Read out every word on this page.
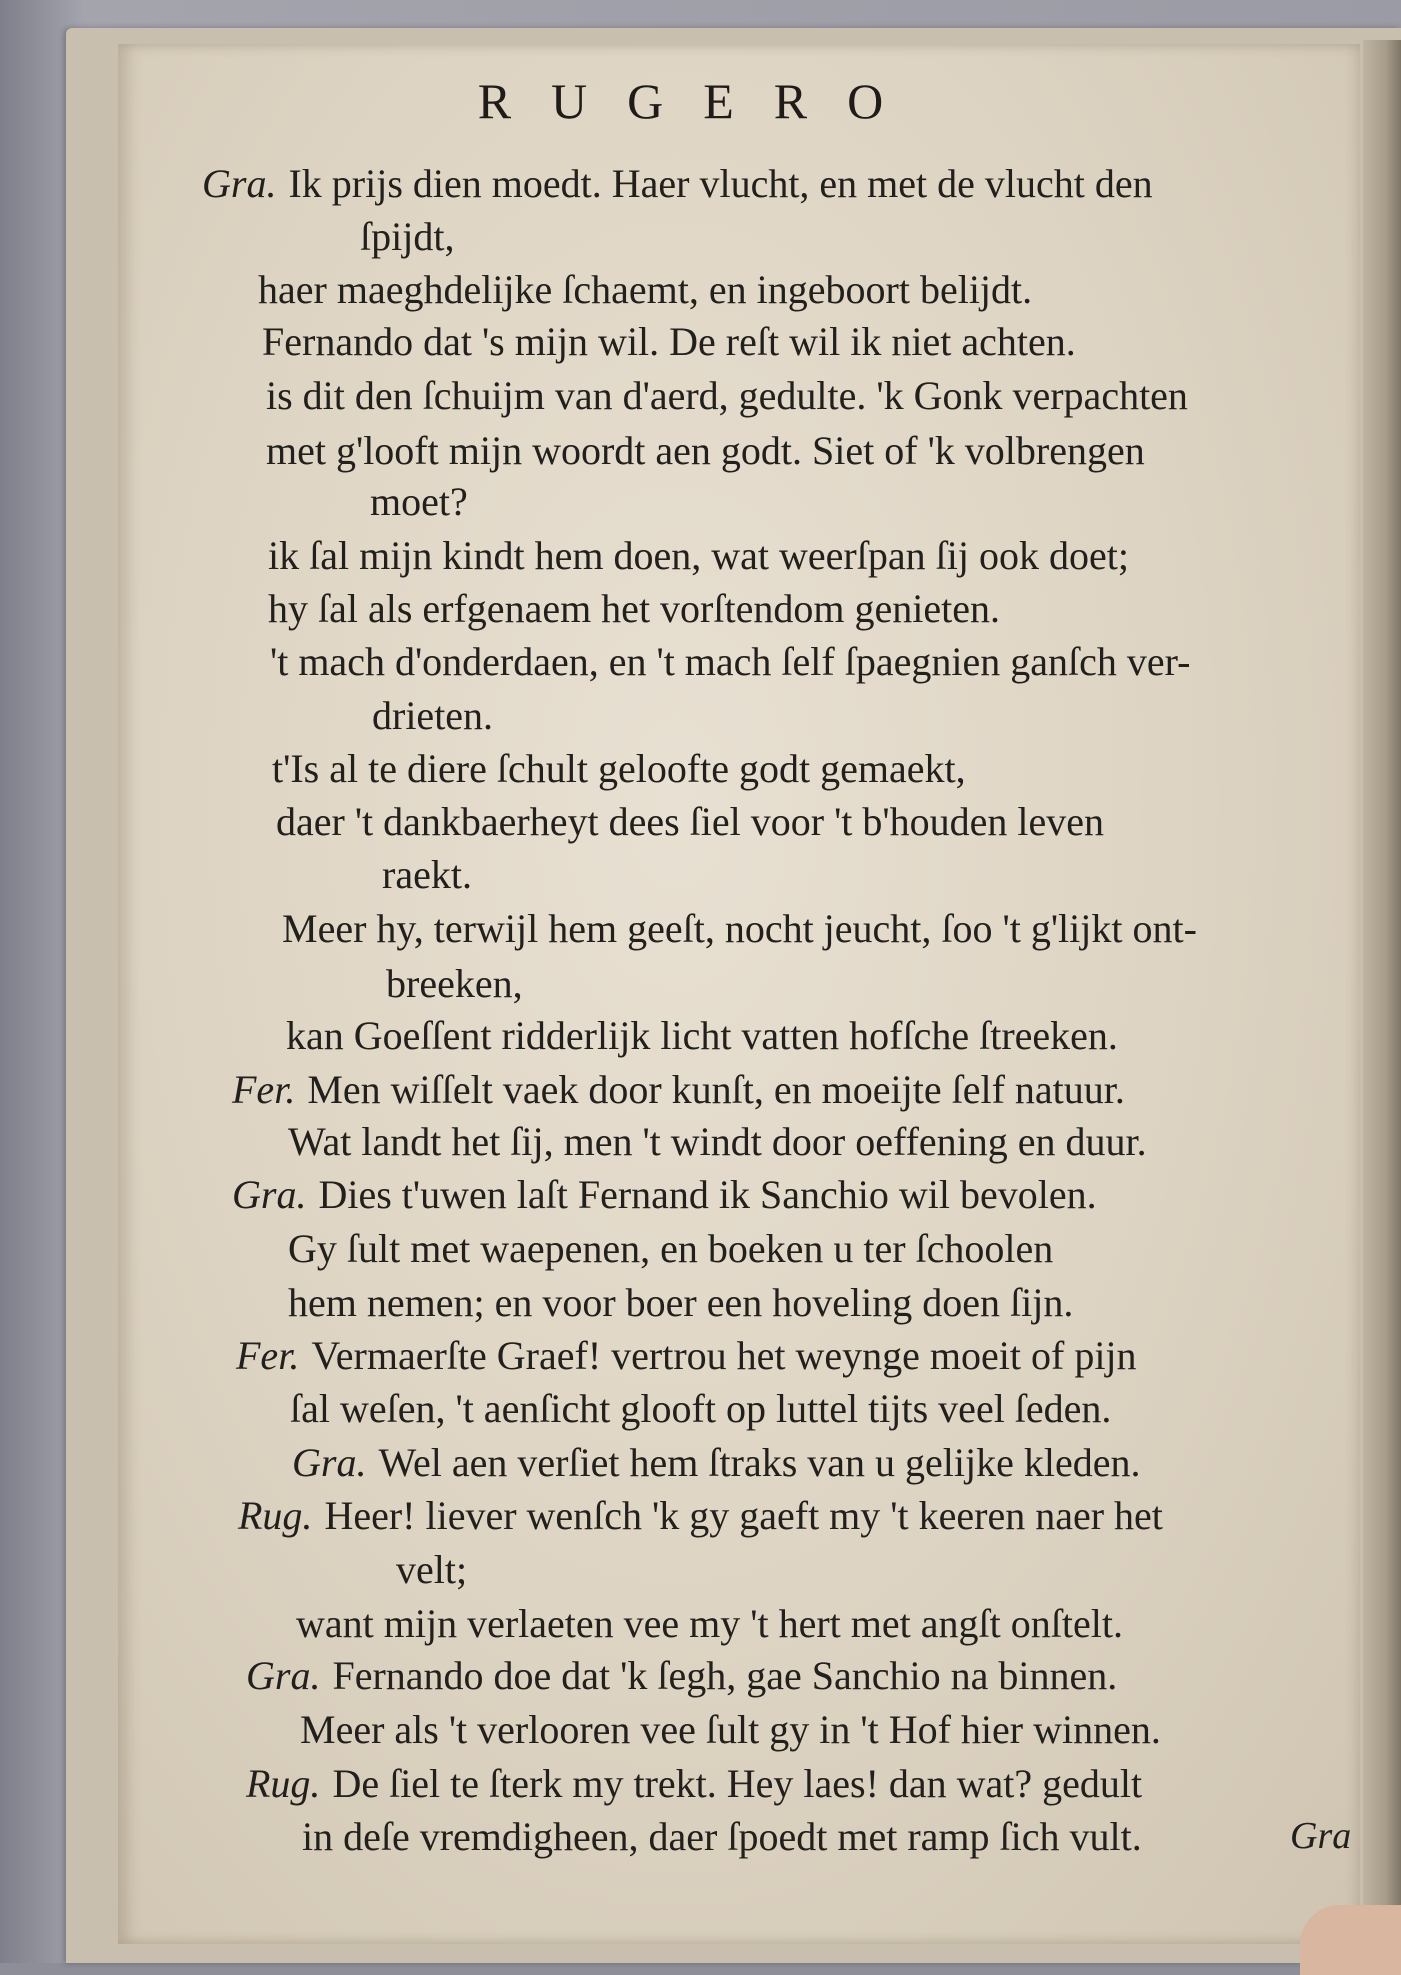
RUGERO
Gra. Ik prijs dien moedt. Haer vlucht, en met de vlucht den
ſpijdt,
haer maeghdelijke ſchaemt, en ingeboort belijdt.
Fernando dat 's mijn wil. De reſt wil ik niet achten.
is dit den ſchuijm van d'aerd, gedulte. 'k Gonk verpachten
met g'looft mijn woordt aen godt. Siet of 'k volbrengen
moet?
ik ſal mijn kindt hem doen, wat weerſpan ſij ook doet;
hy ſal als erfgenaem het vorſtendom genieten.
't mach d'onderdaen, en 't mach ſelf ſpaegnien ganſch ver-
drieten.
t'Is al te diere ſchult geloofte godt gemaekt,
daer 't dankbaerheyt dees ſiel voor 't b'houden leven
raekt.
Meer hy, terwijl hem geeſt, nocht jeucht, ſoo 't g'lijkt ont-
breeken,
kan Goeſſent ridderlijk licht vatten hofſche ſtreeken.
Fer. Men wiſſelt vaek door kunſt, en moeijte ſelf natuur.
Wat landt het ſij, men 't windt door oeffening en duur.
Gra. Dies t'uwen laſt Fernand ik Sanchio wil bevolen.
Gy ſult met waepenen, en boeken u ter ſchoolen
hem nemen; en voor boer een hoveling doen ſijn.
Fer. Vermaerſte Graef! vertrou het weynge moeit of pijn
ſal weſen, 't aenſicht glooft op luttel tijts veel ſeden.
Gra. Wel aen verſiet hem ſtraks van u gelijke kleden.
Rug. Heer! liever wenſch 'k gy gaeft my 't keeren naer het
velt;
want mijn verlaeten vee my 't hert met angſt onſtelt.
Gra. Fernando doe dat 'k ſegh, gae Sanchio na binnen.
Meer als 't verlooren vee ſult gy in 't Hof hier winnen.
Rug. De ſiel te ſterk my trekt. Hey laes! dan wat? gedult
in deſe vremdigheen, daer ſpoedt met ramp ſich vult.	Gra
